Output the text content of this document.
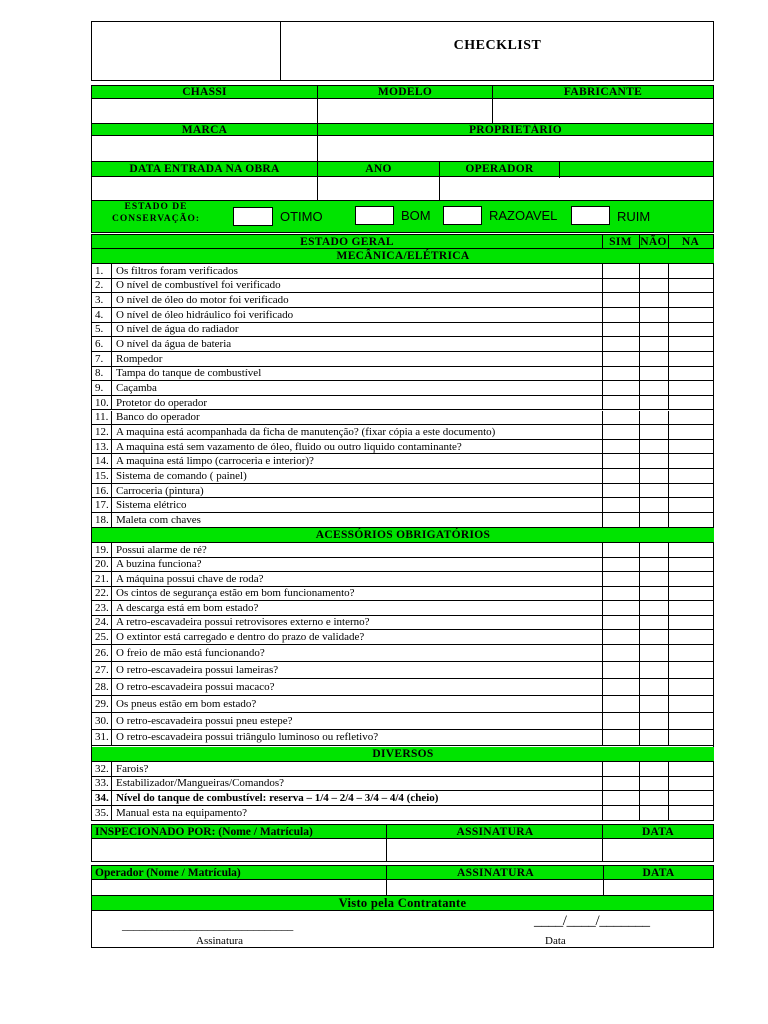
CHECKLIST
CHASSI	MODELO	FABRICANTE
MARCA	PROPRIETÁRIO
DATA ENTRADA NA OBRA	ANO	OPERADOR
ESTADO DE
CONSERVAÇÃO:	OTIMO	BOM	RAZOAVEL	RUIM
ESTADO GERAL	SIM NÃO	NA
MECÂNICA/ELÉTRICA
1.	Os filtros foram verificados
2.	O nível de combustível foi verificado
3.	O nível de óleo do motor foi verificado
4.	O nível de óleo hidráulico foi verificado
5.	O nível de água do radiador
6.	O nível da água de bateria
7.	Rompedor
8.	Tampa do tanque de combustível
9.	Caçamba
10. Protetor do operador
11. Banco do operador
12. A maquina está acompanhada da ficha de manutenção? (fixar cópia a este documento)
13. A maquina está sem vazamento de óleo, fluido ou outro liquido contaminante?
14. A maquina está limpo (carroceria e interior)?
15. Sistema de comando ( painel)
16. Carroceria (pintura)
17. Sistema elétrico
18. Maleta com chaves
ACESSÓRIOS OBRIGATÓRIOS
19. Possui alarme de ré?
20. A buzina funciona?
21. A máquina possui chave de roda?
22. Os cintos de segurança estão em bom funcionamento?
23. A descarga está em bom estado?
24. A retro-escavadeira possui retrovisores externo e interno?
25. O extintor está carregado e dentro do prazo de validade?
26. O freio de mão está funcionando?
27. O retro-escavadeira possui lameiras?
28. O retro-escavadeira possui macaco?
29. Os pneus estão em bom estado?
30. O retro-escavadeira possui pneu estepe?
31. O retro-escavadeira possui triângulo luminoso ou refletivo?
DIVERSOS
32. Farois?
33. Estabilizador/Mangueiras/Comandos?
34. Nível do tanque de combustível: reserva – 1/4 – 2/4 – 3/4 – 4/4 (cheio)
35. Manual esta na equipamento?
INSPECIONADO POR: (Nome / Matrícula)	ASSINATURA	DATA
Operador (Nome / Matrícula)	ASSINATURA	DATA
Visto pela Contratante
______________________________
Assinatura
____/____/_______
Data
